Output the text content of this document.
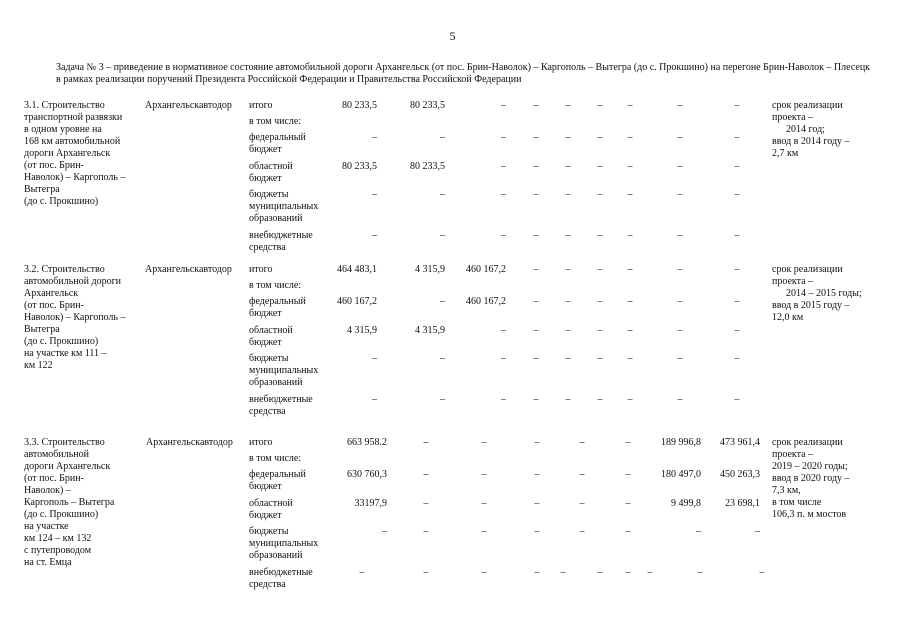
5
Задача № 3 – приведение в нормативное состояние автомобильной дороги Архангельск (от пос. Брин-Наволок) – Каргополь – Вытегра (до с. Прокшино) на перегоне Брин-Наволок – Плесецк в рамках реализации поручений Президента Российской Федерации и Правительства Российской Федерации
3.1. Строительство
транспортной развязки
в одном уровне на
168 км автомобильной
дороги Архангельск
(от пос. Брин-
Наволок) – Каргополь –
Вытегра
(до с. Прокшино)
Архангельскавтодор	срок реализации
проекта –
2014 год;
ввод в 2014 году –
2,7 км
итого	80 233,5	80 233,5	–	–	–	–	–	–	–
в том числе:
федеральный
бюджет
–	–	–	–	–	–	–	–	–
областной
бюджет
80 233,5	80 233,5	–	–	–	–	–	–	–
бюджеты
муниципальных
образований
–	–	–	–	–	–	–	–	–
внебюджетные
средства
–	–	–	–	–	–	–	–	–
3.2. Строительство
автомобильной дороги
Архангельск
(от пос. Брин-
Наволок) – Каргополь –
Вытегра
(до с. Прокшино)
на участке км 111 –
км 122
Архангельскавтодор	срок реализации
проекта –
2014 – 2015 годы;
ввод в 2015 году –
12,0 км
итого	464 483,1	4 315,9	460 167,2	–	–	–	–	–	–
в том числе:
федеральный
бюджет
460 167,2	–	460 167,2	–	–	–	–	–	–
областной
бюджет
4 315,9	4 315,9	–	–	–	–	–	–	–
бюджеты
муниципальных
образований
–	–	–	–	–	–	–	–	–
внебюджетные
средства
–	–	–	–	–	–	–	–	–
3.3. Строительство
автомобильной
дороги Архангельск
(от пос. Брин-
Наволок) –
Каргополь – Вытегра
(до с. Прокшино)
на участке
км 124 – км 132
с путепроводом
на ст. Емца
Архангельскавтодор	срок реализации
проекта –
2019 – 2020 годы;
ввод в 2020 году –
7,3 км,
в том числе
106,3 п. м мостов
итого	663 958.2	–	–	–	–	–	189 996,8	473 961,4
в том числе:
федеральный
бюджет
630 760,3	–	–	–	–	–	180 497,0	450 263,3
областной
бюджет
33197,9	–	–	–	–	–	9 499,8	23 698,1
бюджеты
муниципальных
образований
–	–	–	–	–	–	–	–
внебюджетные
средства
–	–	–	–	–	–	–	–	–	–
